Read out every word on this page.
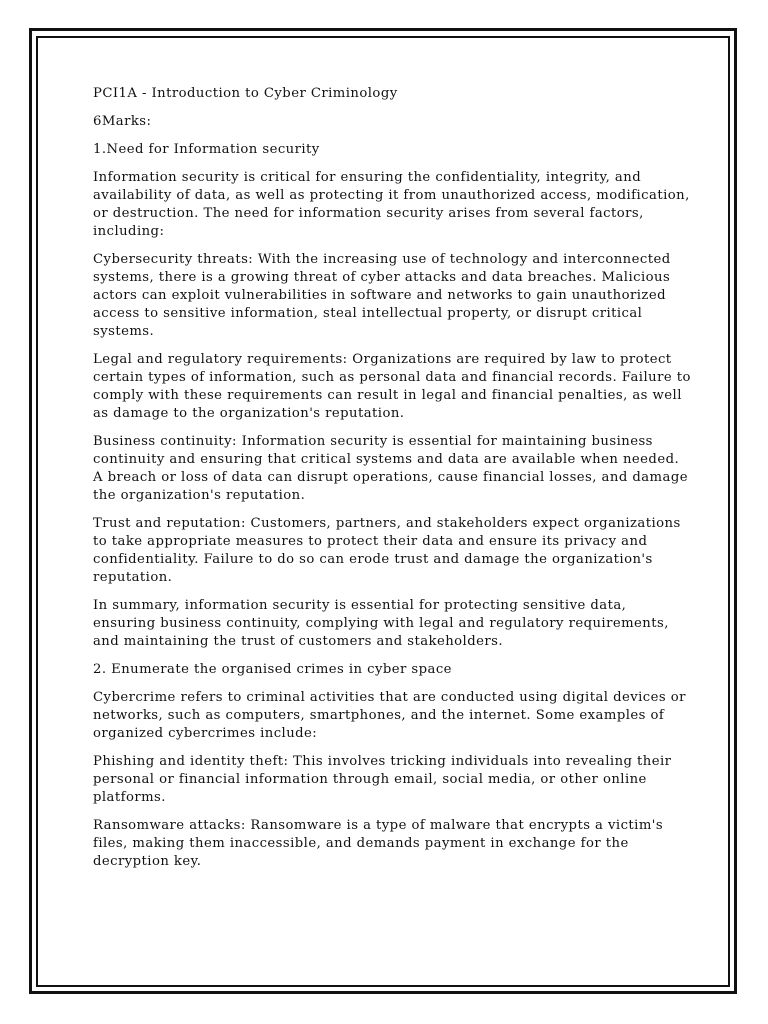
PCI1A - Introduction to Cyber Criminology

6Marks:

1.Need for Information security

Information security is critical for ensuring the confidentiality, integrity, and availability of data, as well as protecting it from unauthorized access, modification, or destruction. The need for information security arises from several factors, including:

Cybersecurity threats: With the increasing use of technology and interconnected systems, there is a growing threat of cyber attacks and data breaches. Malicious actors can exploit vulnerabilities in software and networks to gain unauthorized access to sensitive information, steal intellectual property, or disrupt critical systems.

Legal and regulatory requirements: Organizations are required by law to protect certain types of information, such as personal data and financial records. Failure to comply with these requirements can result in legal and financial penalties, as well as damage to the organization's reputation.

Business continuity: Information security is essential for maintaining business continuity and ensuring that critical systems and data are available when needed. A breach or loss of data can disrupt operations, cause financial losses, and damage the organization's reputation.

Trust and reputation: Customers, partners, and stakeholders expect organizations to take appropriate measures to protect their data and ensure its privacy and confidentiality. Failure to do so can erode trust and damage the organization's reputation.

In summary, information security is essential for protecting sensitive data, ensuring business continuity, complying with legal and regulatory requirements, and maintaining the trust of customers and stakeholders.

2. Enumerate the organised crimes in cyber space

Cybercrime refers to criminal activities that are conducted using digital devices or networks, such as computers, smartphones, and the internet. Some examples of organized cybercrimes include:

Phishing and identity theft: This involves tricking individuals into revealing their personal or financial information through email, social media, or other online platforms.

Ransomware attacks: Ransomware is a type of malware that encrypts a victim's files, making them inaccessible, and demands payment in exchange for the decryption key.
